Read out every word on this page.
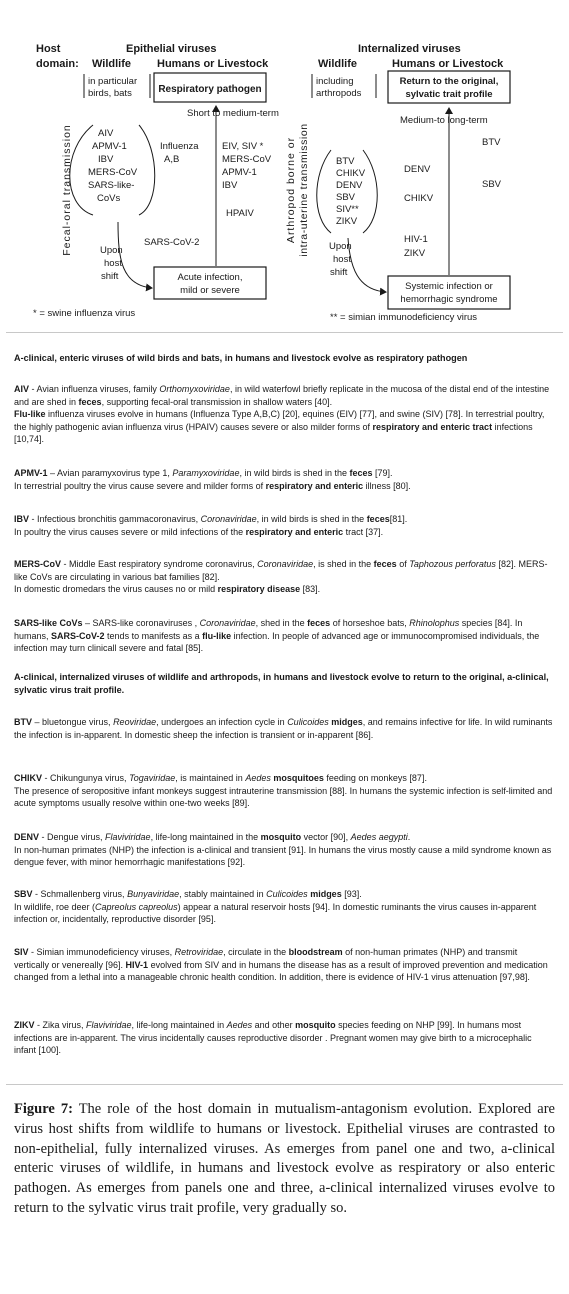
Host
domain:
Epithelial viruses	Internalized viruses
Wildlife Humans or Livestock	Wildlife	Humans or Livestock
Fecal-oral transmission
in particular
birds, bats	Respiratory pathogen
Short to medium-term
AIV
APMV-1
IBV
MERS-CoV
SARS-like-
CoVs
Influenza
A,B
EIV, SIV *
MERS-CoV
APMV-1
IBV
HPAIV
SARS-CoV-2
Upon
host
shift	Acute infection,
mild or severe
* = swine influenza virus
Arthropod borne or intra-uterine transmission
including
arthropods
Return to the original,
sylvatic trait profile
Medium-to long-term
BTV
CHIKV
DENV
SBV
SIV**
ZIKV
BTV
DENV
SBV
CHIKV
HIV-1
ZIKV
Upon
host
shift
Systemic infection or
hemorrhagic syndrome
** = simian immunodeficiency virus

A-clinical, enteric viruses of wild birds and bats, in humans and livestock evolve as respiratory pathogen

AIV - Avian influenza viruses, family Orthomyxoviridae, in wild waterfowl briefly replicate in the mucosa of the distal end of the intestine and are shed in feces, supporting fecal-oral transmission in shallow waters [40].
Flu-like influenza viruses evolve in humans (Influenza Type A,B,C) [20], equines (EIV) [77], and swine (SIV) [78]. In terrestrial poultry, the highly pathogenic avian influenza virus (HPAIV) causes severe or also milder forms of respiratory and enteric tract infections [10,74].

APMV-1 – Avian paramyxovirus type 1, Paramyxoviridae, in wild birds is shed in the feces [79].
In terrestrial poultry the virus cause severe and milder forms of respiratory and enteric illness [80].

IBV - Infectious bronchitis gammacoronavirus, Coronaviridae, in wild birds is shed in the feces[81].
In poultry the virus causes severe or mild infections of the respiratory and enteric tract [37].

MERS-CoV - Middle East respiratory syndrome coronavirus, Coronaviridae, is shed in the feces of Taphozous perforatus [82]. MERS-like CoVs are circulating in various bat families [82].
In domestic dromedars the virus causes no or mild respiratory disease [83].

SARS-like CoVs – SARS-like coronaviruses , Coronaviridae, shed in the feces of horseshoe bats, Rhinolophus species [84]. In humans, SARS-CoV-2 tends to manifests as a flu-like infection. In people of advanced age or immunocompromised individuals, the infection may turn clinicall severe and fatal [85].

A-clinical, internalized viruses of wildlife and arthropods, in humans and livestock evolve to return to the original, a-clinical, sylvatic virus trait profile.

BTV – bluetongue virus, Reoviridae, undergoes an infection cycle in Culicoides midges, and remains infective for life. In wild ruminants the infection is in-apparent. In domestic sheep the infection is transient or in-apparent [86].

CHIKV - Chikungunya virus, Togaviridae, is maintained in Aedes mosquitoes feeding on monkeys [87].
The presence of seropositive infant monkeys suggest intrauterine transmission [88]. In humans the systemic infection is self-limited and acute symptoms usually resolve within one-two weeks [89].

DENV - Dengue virus, Flaviviridae, life-long maintained in the mosquito vector [90], Aedes aegypti.
In non-human primates (NHP) the infection is a-clinical and transient [91]. In humans the virus mostly cause a mild syndrome known as dengue fever, with minor hemorrhagic manifestations [92].

SBV - Schmallenberg virus, Bunyaviridae, stably maintained in Culicoides midges [93].
In wildlife, roe deer (Capreolus capreolus) appear a natural reservoir hosts [94]. In domestic ruminants the virus causes in-apparent infection or, incidentally, reproductive disorder [95].

SIV - Simian immunodeficiency viruses, Retroviridae, circulate in the bloodstream of non-human primates (NHP) and transmit vertically or venereally [96]. HIV-1 evolved from SIV and in humans the disease has as a result of improved prevention and medication changed from a lethal into a manageable chronic health condition. In addition, there is evidence of HIV-1 virus attenuation [97,98].

ZIKV - Zika virus, Flaviviridae, life-long maintained in Aedes and other mosquito species feeding on NHP [99]. In humans most infections are in-apparent. The virus incidentally causes reproductive disorder . Pregnant women may give birth to a microcephalic infant [100].

Figure 7: The role of the host domain in mutualism-antagonism evolution. Explored are virus host shifts from wildlife to humans or livestock. Epithelial viruses are contrasted to non-epithelial, fully internalized viruses. As emerges from panel one and two, a-clinical enteric viruses of wildlife, in humans and livestock evolve as respiratory or also enteric pathogen. As emerges from panels one and three, a-clinical internalized viruses evolve to return to the sylvatic virus trait profile, very gradually so.
